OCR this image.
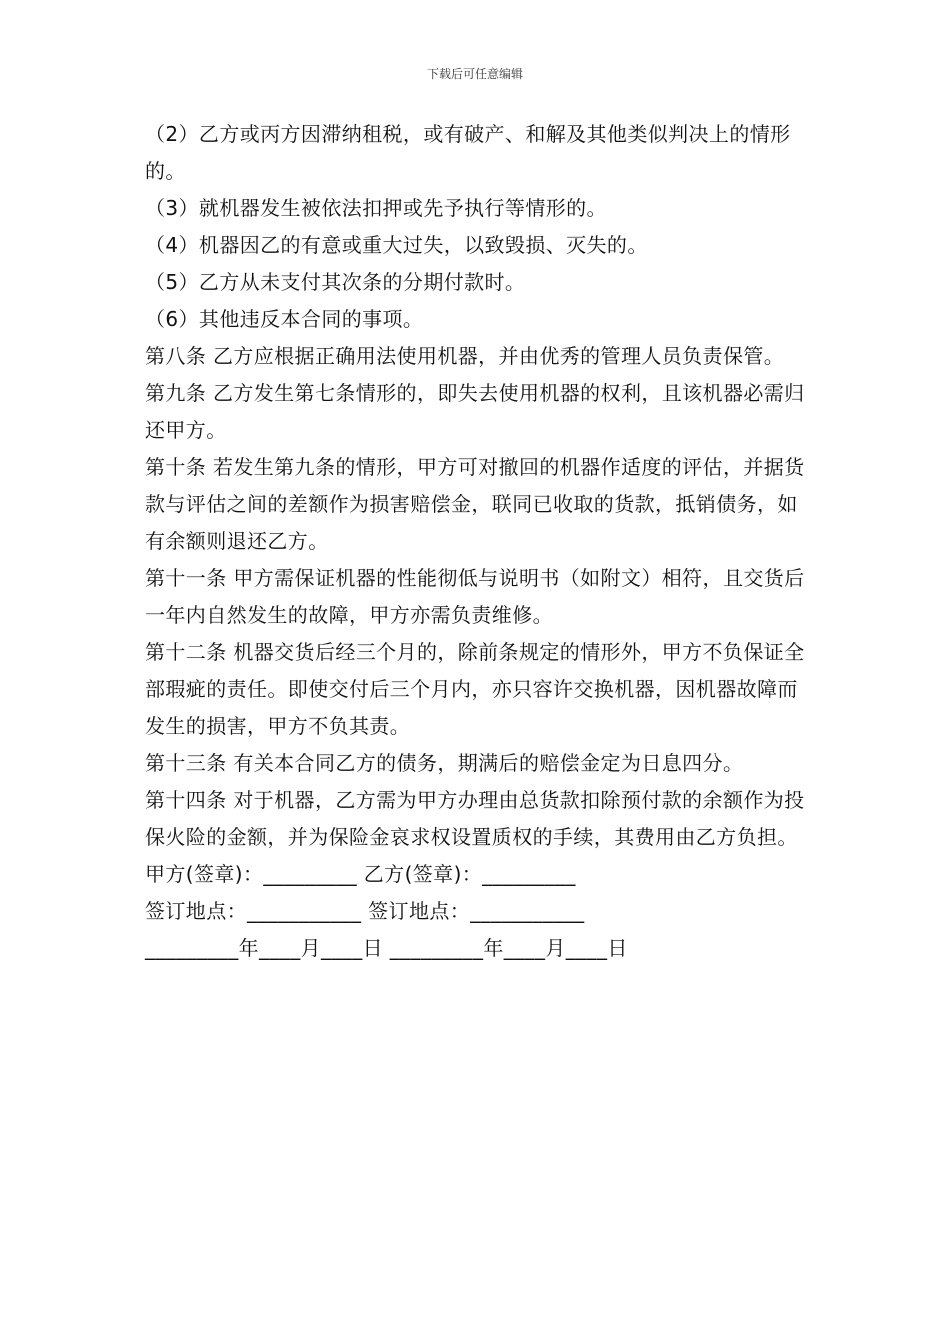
下载后可任意编辑

（2）乙方或丙方因滞纳租税，或有破产、和解及其他类似判决上的情形的。

（3）就机器发生被依法扣押或先予执行等情形的。

（4）机器因乙的有意或重大过失，以致毁损、灭失的。

（5）乙方从未支付其次条的分期付款时。

（6）其他违反本合同的事项。

第八条 乙方应根据正确用法使用机器，并由优秀的管理人员负责保管。

第九条 乙方发生第七条情形的，即失去使用机器的权利，且该机器必需归还甲方。

第十条 若发生第九条的情形，甲方可对撤回的机器作适度的评估，并据货款与评估之间的差额作为损害赔偿金，联同已收取的货款，抵销债务，如有余额则退还乙方。

第十一条 甲方需保证机器的性能彻低与说明书（如附文）相符，且交货后一年内自然发生的故障，甲方亦需负责维修。

第十二条 机器交货后经三个月的，除前条规定的情形外，甲方不负保证全部瑕疵的责任。即使交付后三个月内，亦只容许交换机器，因机器故障而发生的损害，甲方不负其责。

第十三条 有关本合同乙方的债务，期满后的赔偿金定为日息四分。

第十四条 对于机器，乙方需为甲方办理由总货款扣除预付款的余额作为投保火险的金额，并为保险金哀求权设置质权的手续，其费用由乙方负担。

甲方(签章)：_________ 乙方(签章)：_________

签订地点：___________ 签订地点：___________

_________年____月____日 _________年____月____日
